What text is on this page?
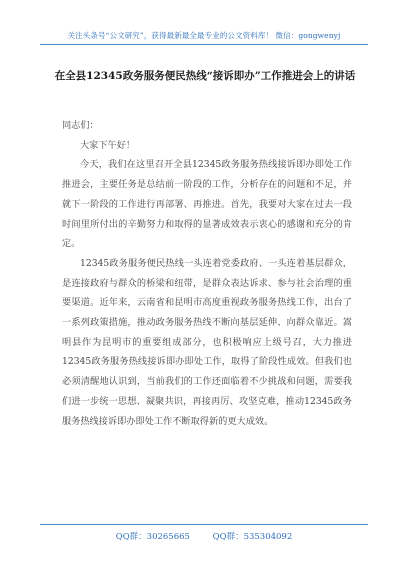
关注头条号“公文研究”，获得最新最全最专业的公文资料库！ 微信：gongwenyj
在全县12345政务服务便民热线“接诉即办”工作推进会上的讲话

同志们：

大家下午好！

今天，我们在这里召开全县12345政务服务热线接诉即办即处工作推进会，主要任务是总结前一阶段的工作，分析存在的问题和不足，并就下一阶段的工作进行再部署、再推进。首先，我要对大家在过去一段时间里所付出的辛勤努力和取得的显著成效表示衷心的感谢和充分的肯定。

12345政务服务便民热线一头连着党委政府、一头连着基层群众，是连接政府与群众的桥梁和纽带，是群众表达诉求、参与社会治理的重要渠道。近年来，云南省和昆明市高度重视政务服务热线工作，出台了一系列政策措施，推动政务服务热线不断向基层延伸、向群众靠近。嵩明县作为昆明市的重要组成部分，也积极响应上级号召，大力推进12345政务服务热线接诉即办即处工作，取得了阶段性成效。但我们也必须清醒地认识到，当前我们的工作还面临着不少挑战和问题，需要我们进一步统一思想、凝聚共识，再接再厉、攻坚克难，推动12345政务服务热线接诉即办即处工作不断取得新的更大成效。

QQ群：30265665	QQ群：535304092
